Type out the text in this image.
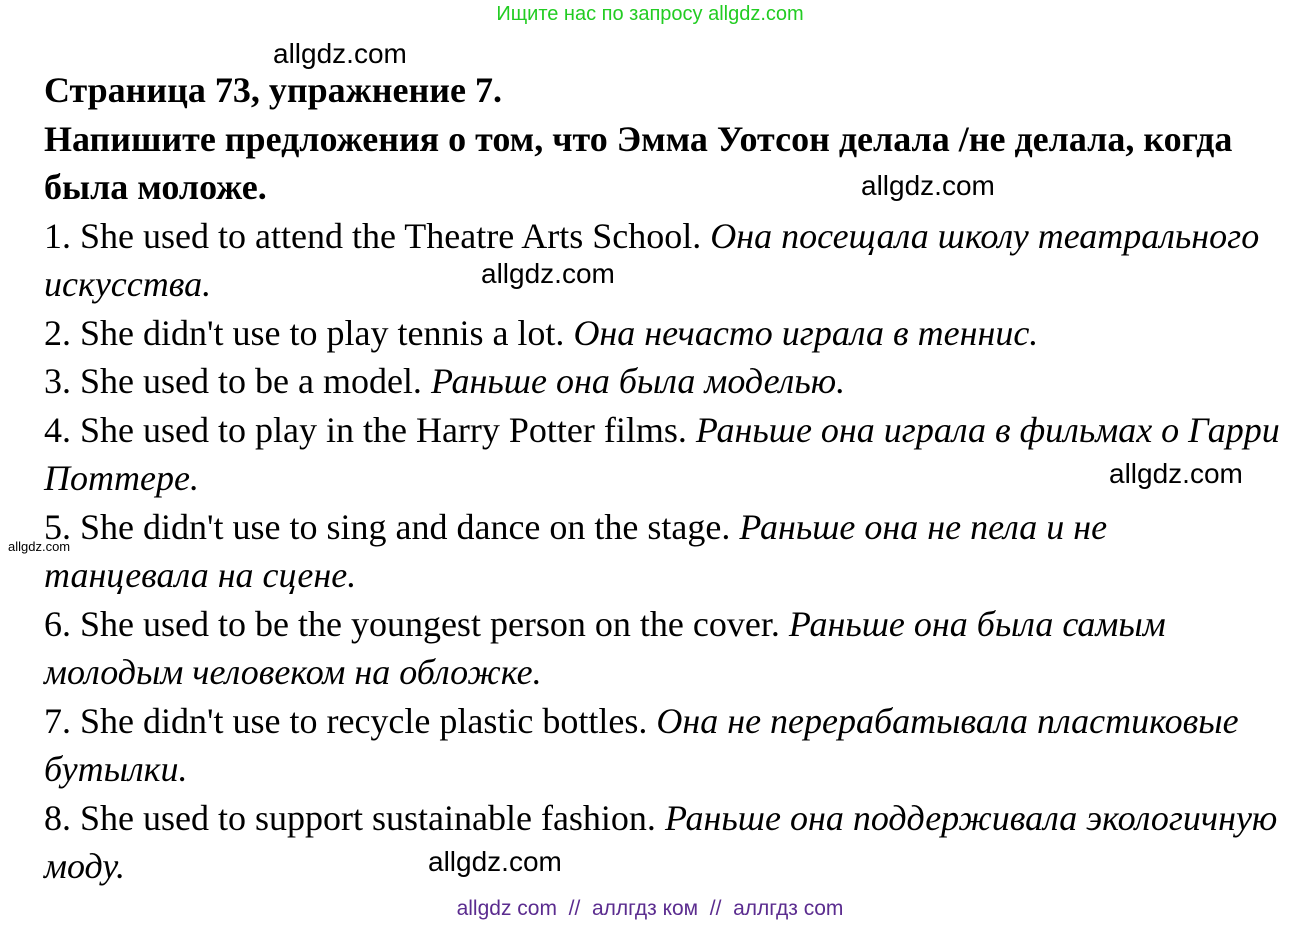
Ищите нас по запросу allgdz.com
allgdz.com
allgdz.com
allgdz.com
allgdz.com
allgdz.com
allgdz.com

Страница 73, упражнение 7.

Напишите предложения о том, что Эмма Уотсон делала /не делала, когда была моложе.

1. She used to attend the Theatre Arts School. Она посещала школу театрального искусства.

2. She didn't use to play tennis a lot. Она нечасто играла в теннис.

3. She used to be a model. Раньше она была моделью.

4. She used to play in the Harry Potter films. Раньше она играла в фильмах о Гарри Поттере.

5. She didn't use to sing and dance on the stage. Раньше она не пела и не танцевала на сцене.

6. She used to be the youngest person on the cover. Раньше она была самым молодым человеком на обложке.

7. She didn't use to recycle plastic bottles. Она не перерабатывала пластиковые бутылки.

8. She used to support sustainable fashion. Раньше она поддерживала экологичную моду.

allgdz com  //  аллгдз ком  //  аллгдз com
